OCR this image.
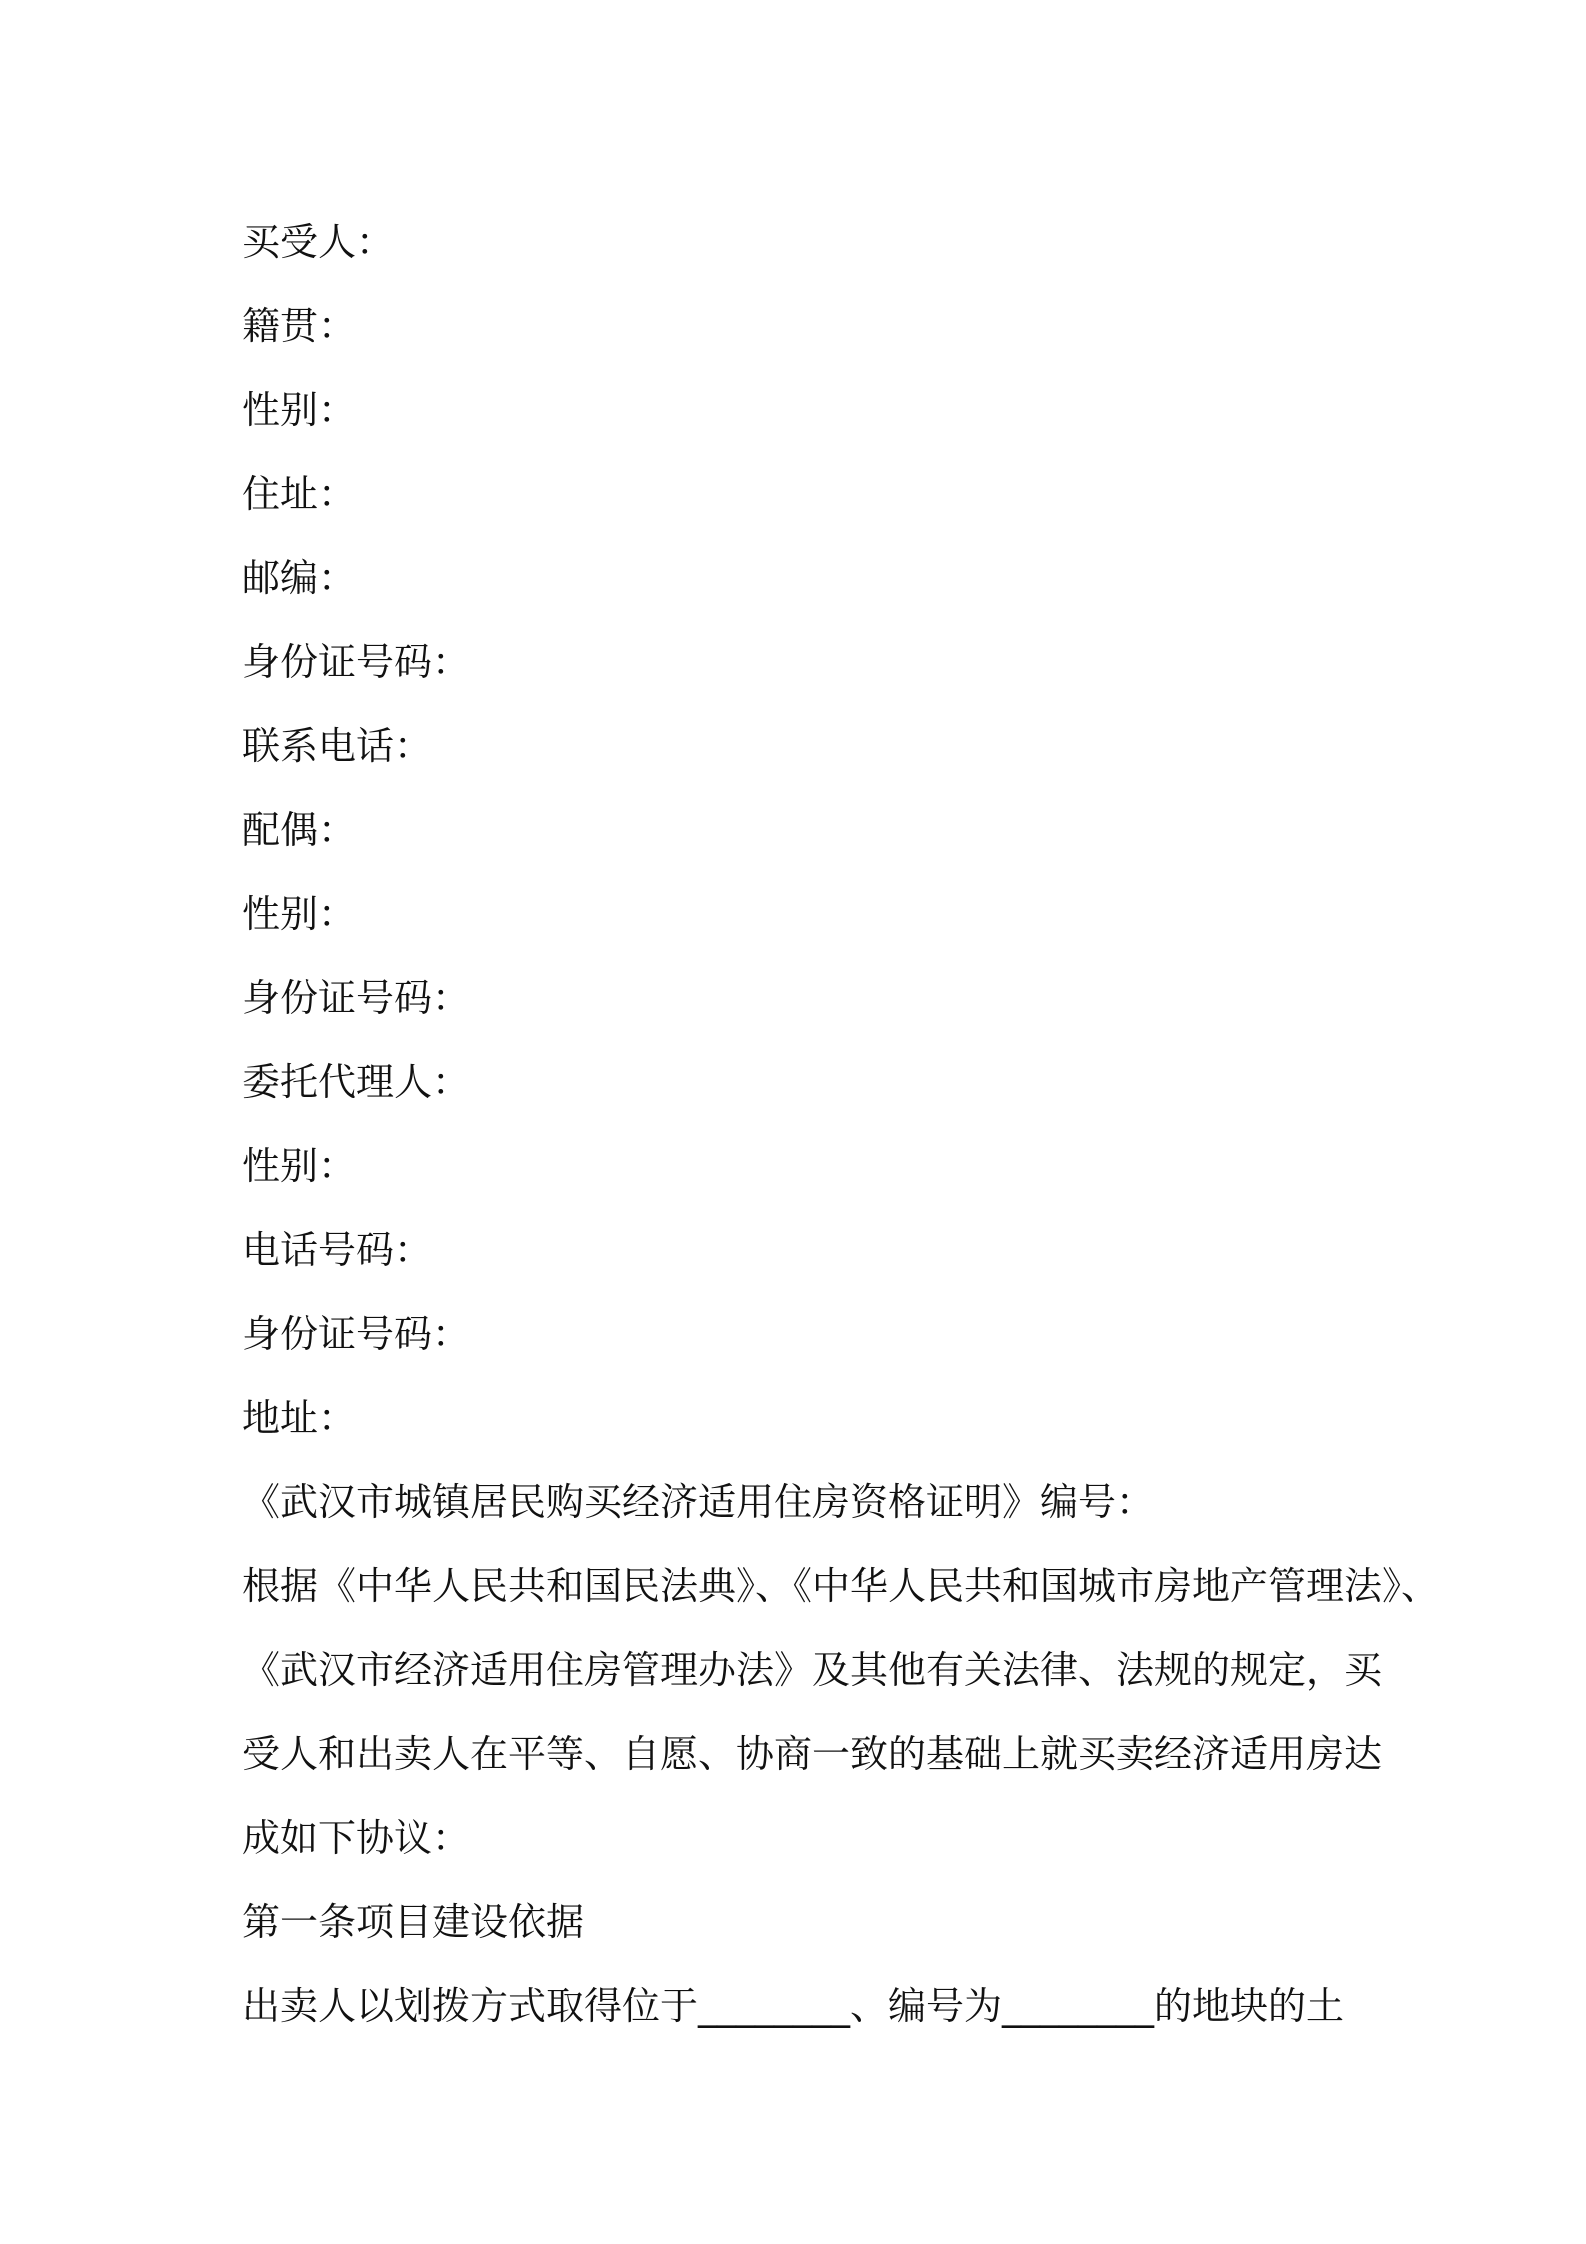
买受人：
籍贯：
性别：
住址：
邮编：
身份证号码：
联系电话：
配偶：
性别：
身份证号码：
委托代理人：
性别：
电话号码：
身份证号码：
地址：
《武汉市城镇居民购买经济适用住房资格证明》编号：
根据《中华人民共和国民法典》、《中华人民共和国城市房地产管理法》、
《武汉市经济适用住房管理办法》及其他有关法律、法规的规定，买
受人和出卖人在平等、自愿、协商一致的基础上就买卖经济适用房达
成如下协议：
第一条项目建设依据
出卖人以划拨方式取得位于________、编号为________的地块的土
